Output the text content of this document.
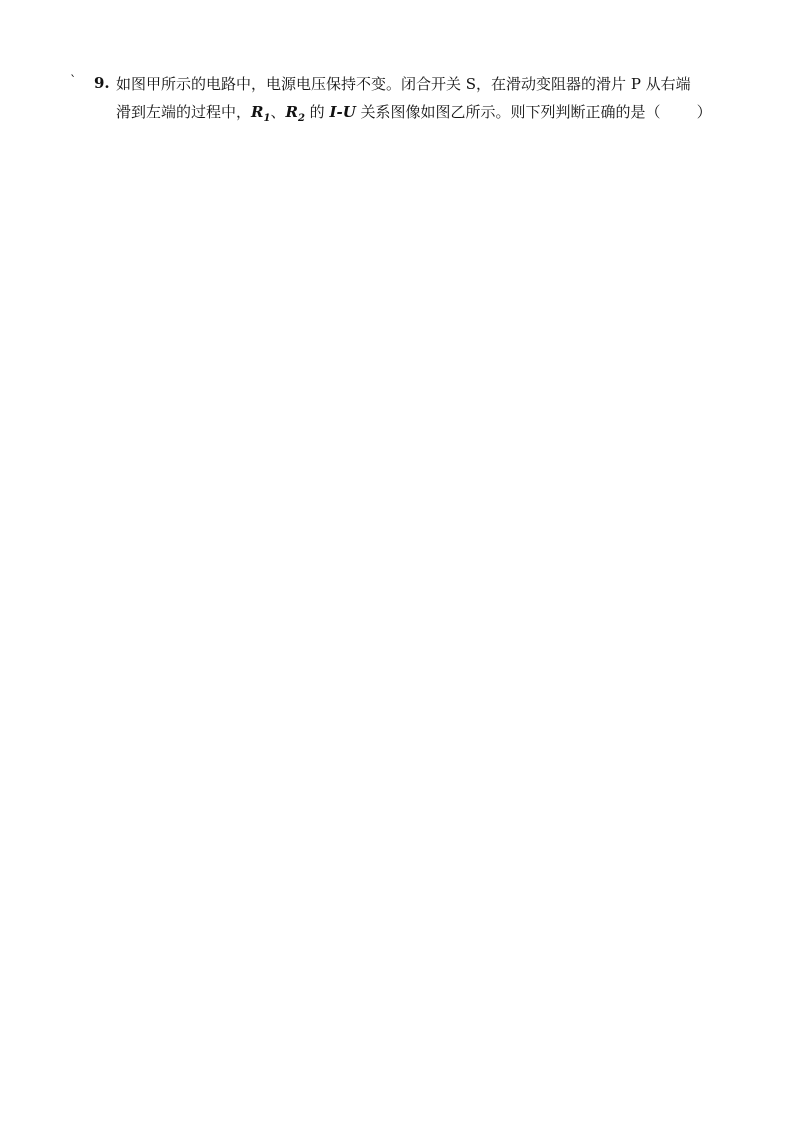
` 9. 如图甲所示的电路中，电源电压保持不变。闭合开关 S，在滑动变阻器的滑片 P 从右端
滑到左端的过程中，$R_1$、$R_2$ 的 I-U 关系图像如图乙所示。则下列判断正确的是（ ）
